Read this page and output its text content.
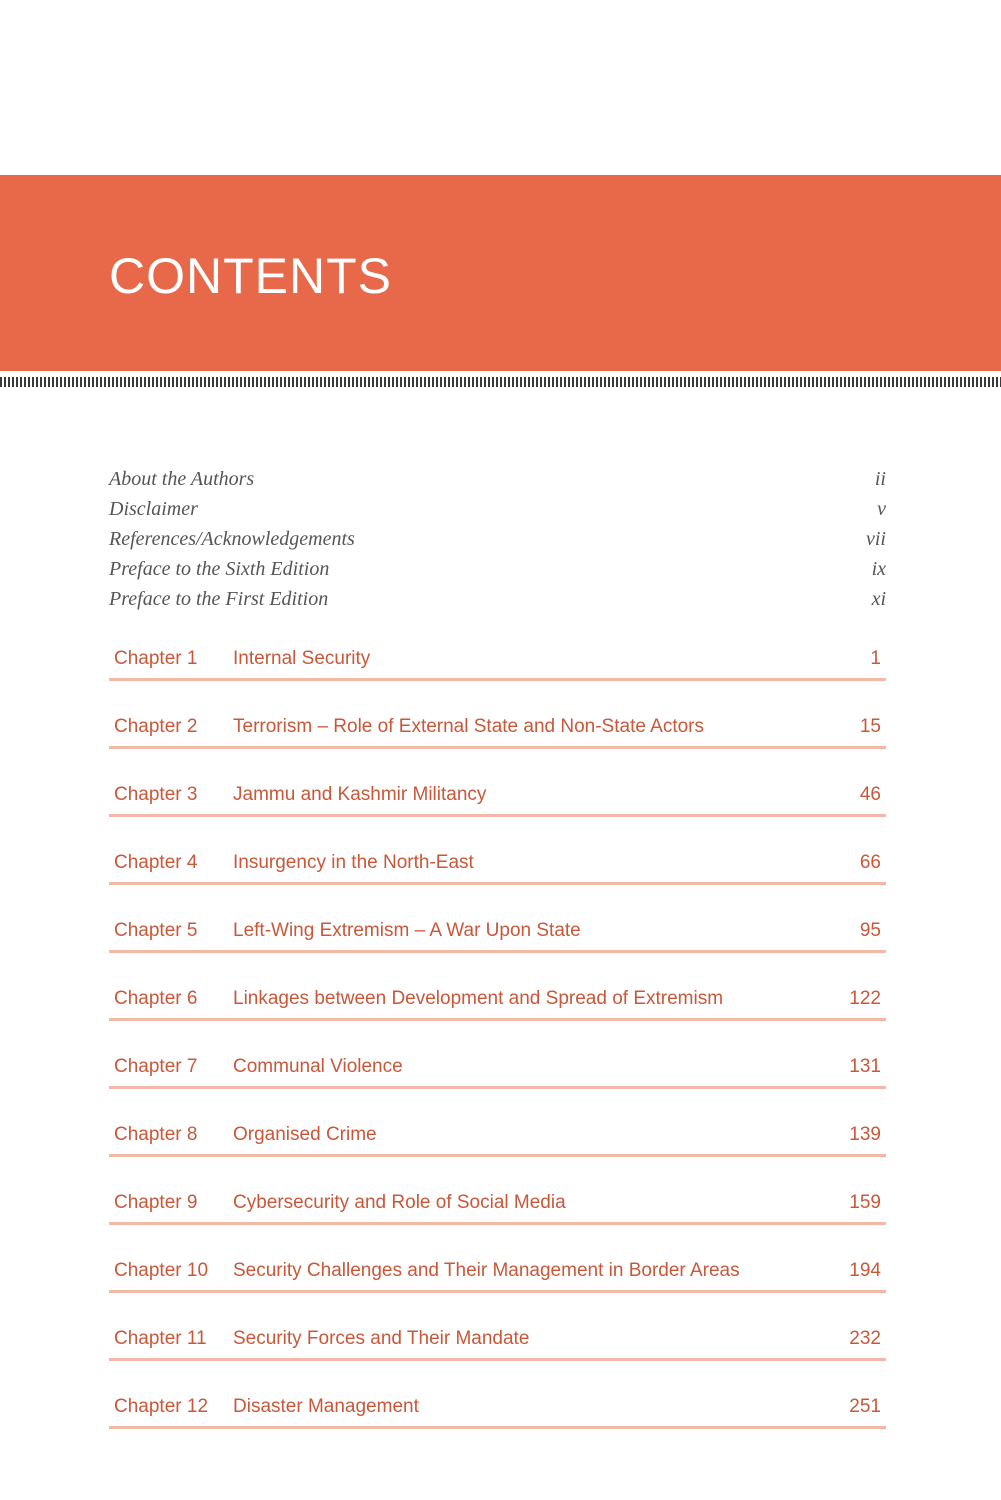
CONTENTS
About the Authors	ii
Disclaimer	v
References/Acknowledgements	vii
Preface to the Sixth Edition	ix
Preface to the First Edition	xi
Chapter 1 Internal Security	1
Chapter 2 Terrorism – Role of External State and Non-State Actors	15
Chapter 3 Jammu and Kashmir Militancy	46
Chapter 4 Insurgency in the North-East	66
Chapter 5 Left-Wing Extremism – A War Upon State	95
Chapter 6 Linkages between Development and Spread of Extremism	122
Chapter 7 Communal Violence	131
Chapter 8 Organised Crime	139
Chapter 9 Cybersecurity and Role of Social Media	159
Chapter 10 Security Challenges and Their Management in Border Areas	194
Chapter 11 Security Forces and Their Mandate	232
Chapter 12 Disaster Management	251
